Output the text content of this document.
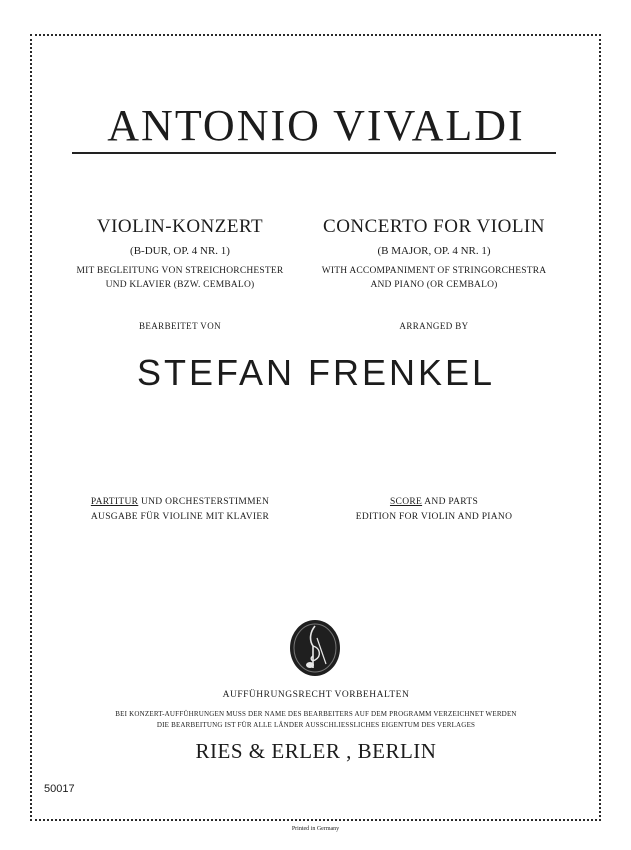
ANTONIO VIVALDI
VIOLIN-KONZERT	CONCERTO FOR VIOLIN
(B-DUR, OP. 4 NR. 1)	(B MAJOR, OP. 4 NR. 1)
MIT BEGLEITUNG VON STREICHORCHESTER
UND KLAVIER (BZW. CEMBALO)
WITH ACCOMPANIMENT OF STRINGORCHESTRA
AND PIANO (OR CEMBALO)
BEARBEITET VON	ARRANGED BY
STEFAN FRENKEL
PARTITUR UND ORCHESTERSTIMMEN
AUSGABE FÜR VIOLINE MIT KLAVIER
SCORE AND PARTS
EDITION FOR VIOLIN AND PIANO
AUFFÜHRUNGSRECHT VORBEHALTEN
BEI KONZERT-AUFFÜHRUNGEN MUSS DER NAME DES BEARBEITERS AUF DEM PROGRAMM VERZEICHNET WERDEN
DIE BEARBEITUNG IST FÜR ALLE LÄNDER AUSSCHLIESSLICHES EIGENTUM DES VERLAGES
RIES & ERLER , BERLIN
50017
Printed in Germany
